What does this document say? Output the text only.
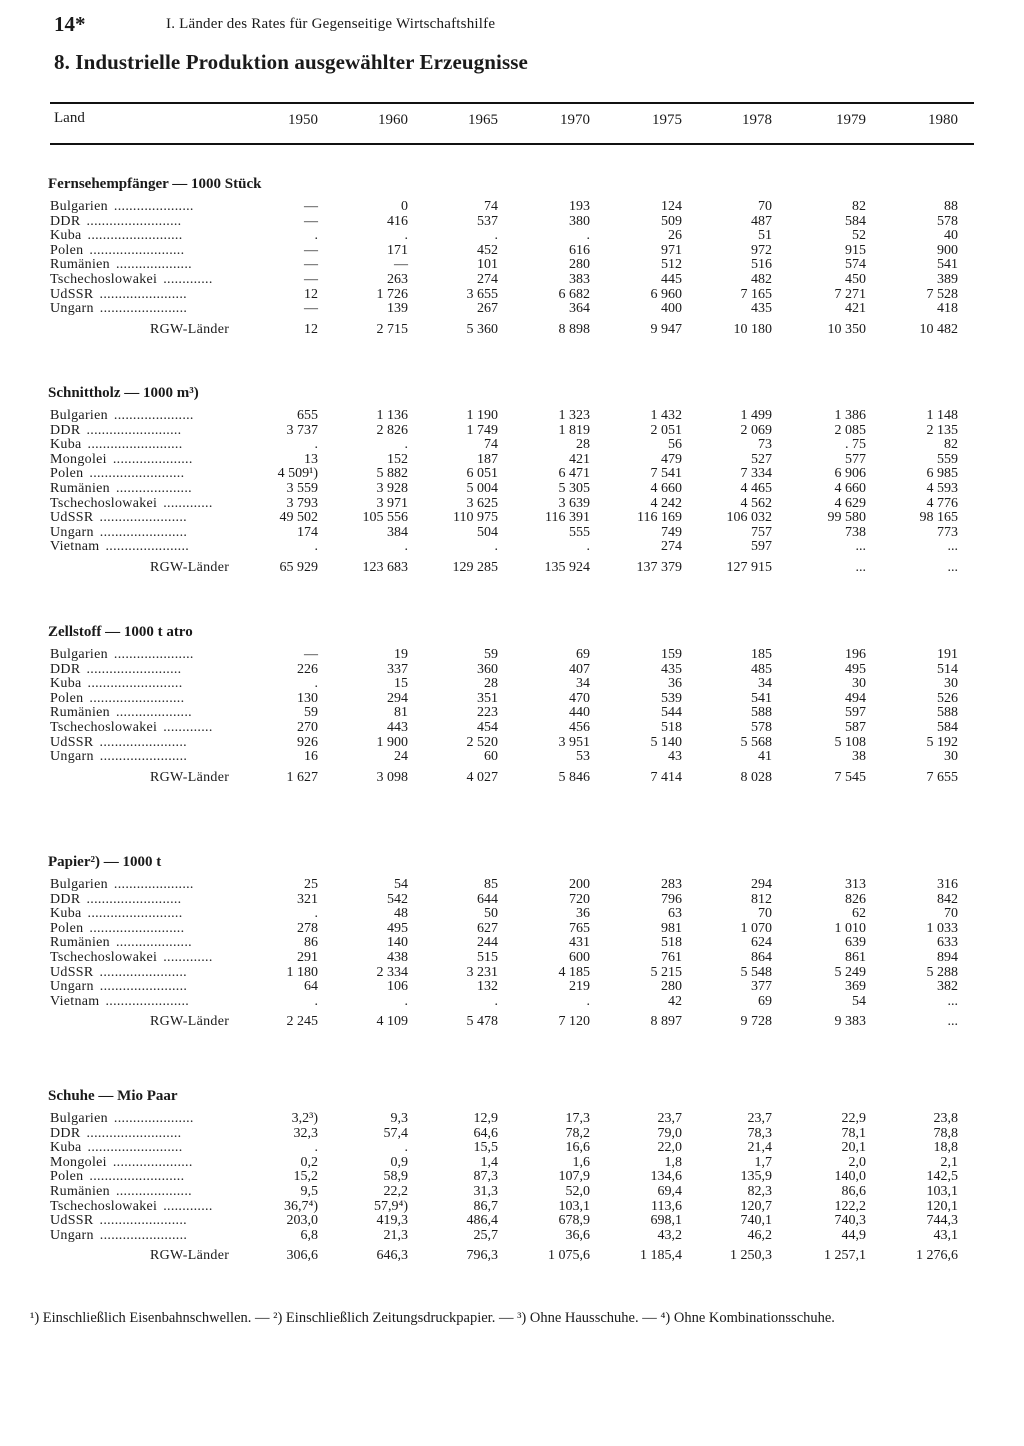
14*	I. Länder des Rates für Gegenseitige Wirtschaftshilfe
8. Industrielle Produktion ausgewählter Erzeugnisse
Land	1950	1960	1965	1970	1975	1978	1979	1980
Fernsehempfänger — 1000 Stück
Bulgarien .....................	—	0	74	193	124	70	82	88
DDR .........................	—	416	537	380	509	487	584	578
Kuba .........................	.	.	.	.	26	51	52	40
Polen .........................	—	171	452	616	971	972	915	900
Rumänien ....................	—	—	101	280	512	516	574	541
Tschechoslowakei .............	—	263	274	383	445	482	450	389
UdSSR .......................	12	1 726	3 655	6 682	6 960	7 165	7 271	7 528
Ungarn .......................	—	139	267	364	400	435	421	418
RGW-Länder	12	2 715	5 360	8 898	9 947	10 180	10 350	10 482
Schnittholz — 1000 m³)
Bulgarien .....................	655	1 136	1 190	1 323	1 432	1 499	1 386	1 148
DDR .........................	3 737	2 826	1 749	1 819	2 051	2 069	2 085	2 135
Kuba .........................	.	.	74	28	56	73	. 75	82
Mongolei .....................	13	152	187	421	479	527	577	559
Polen .........................	4 509¹)	5 882	6 051	6 471	7 541	7 334	6 906	6 985
Rumänien ....................	3 559	3 928	5 004	5 305	4 660	4 465	4 660	4 593
Tschechoslowakei .............	3 793	3 971	3 625	3 639	4 242	4 562	4 629	4 776
UdSSR .......................	49 502	105 556	110 975	116 391	116 169	106 032	99 580	98 165
Ungarn .......................	174	384	504	555	749	757	738	773
Vietnam ......................	.	.	.	.	274	597	...	...
RGW-Länder	65 929	123 683	129 285	135 924	137 379	127 915	...	...
Zellstoff — 1000 t atro
Bulgarien .....................	—	19	59	69	159	185	196	191
DDR .........................	226	337	360	407	435	485	495	514
Kuba .........................	.	15	28	34	36	34	30	30
Polen .........................	130	294	351	470	539	541	494	526
Rumänien ....................	59	81	223	440	544	588	597	588
Tschechoslowakei .............	270	443	454	456	518	578	587	584
UdSSR .......................	926	1 900	2 520	3 951	5 140	5 568	5 108	5 192
Ungarn .......................	16	24	60	53	43	41	38	30
RGW-Länder	1 627	3 098	4 027	5 846	7 414	8 028	7 545	7 655
Papier²) — 1000 t
Bulgarien .....................	25	54	85	200	283	294	313	316
DDR .........................	321	542	644	720	796	812	826	842
Kuba .........................	.	48	50	36	63	70	62	70
Polen .........................	278	495	627	765	981	1 070	1 010	1 033
Rumänien ....................	86	140	244	431	518	624	639	633
Tschechoslowakei .............	291	438	515	600	761	864	861	894
UdSSR .......................	1 180	2 334	3 231	4 185	5 215	5 548	5 249	5 288
Ungarn .......................	64	106	132	219	280	377	369	382
Vietnam ......................	.	.	.	.	42	69	54	...
RGW-Länder	2 245	4 109	5 478	7 120	8 897	9 728	9 383	...
Schuhe — Mio Paar
Bulgarien .....................	3,2³)	9,3	12,9	17,3	23,7	23,7	22,9	23,8
DDR .........................	32,3	57,4	64,6	78,2	79,0	78,3	78,1	78,8
Kuba .........................	.	.	15,5	16,6	22,0	21,4	20,1	18,8
Mongolei .....................	0,2	0,9	1,4	1,6	1,8	1,7	2,0	2,1
Polen .........................	15,2	58,9	87,3	107,9	134,6	135,9	140,0	142,5
Rumänien ....................	9,5	22,2	31,3	52,0	69,4	82,3	86,6	103,1
Tschechoslowakei .............	36,7⁴)	57,9⁴)	86,7	103,1	113,6	120,7	122,2	120,1
UdSSR .......................	203,0	419,3	486,4	678,9	698,1	740,1	740,3	744,3
Ungarn .......................	6,8	21,3	25,7	36,6	43,2	46,2	44,9	43,1
RGW-Länder	306,6	646,3	796,3	1 075,6	1 185,4	1 250,3	1 257,1	1 276,6
¹) Einschließlich Eisenbahnschwellen. — ²) Einschließlich Zeitungsdruckpapier. — ³) Ohne Hausschuhe. — ⁴) Ohne Kombinationsschuhe.
